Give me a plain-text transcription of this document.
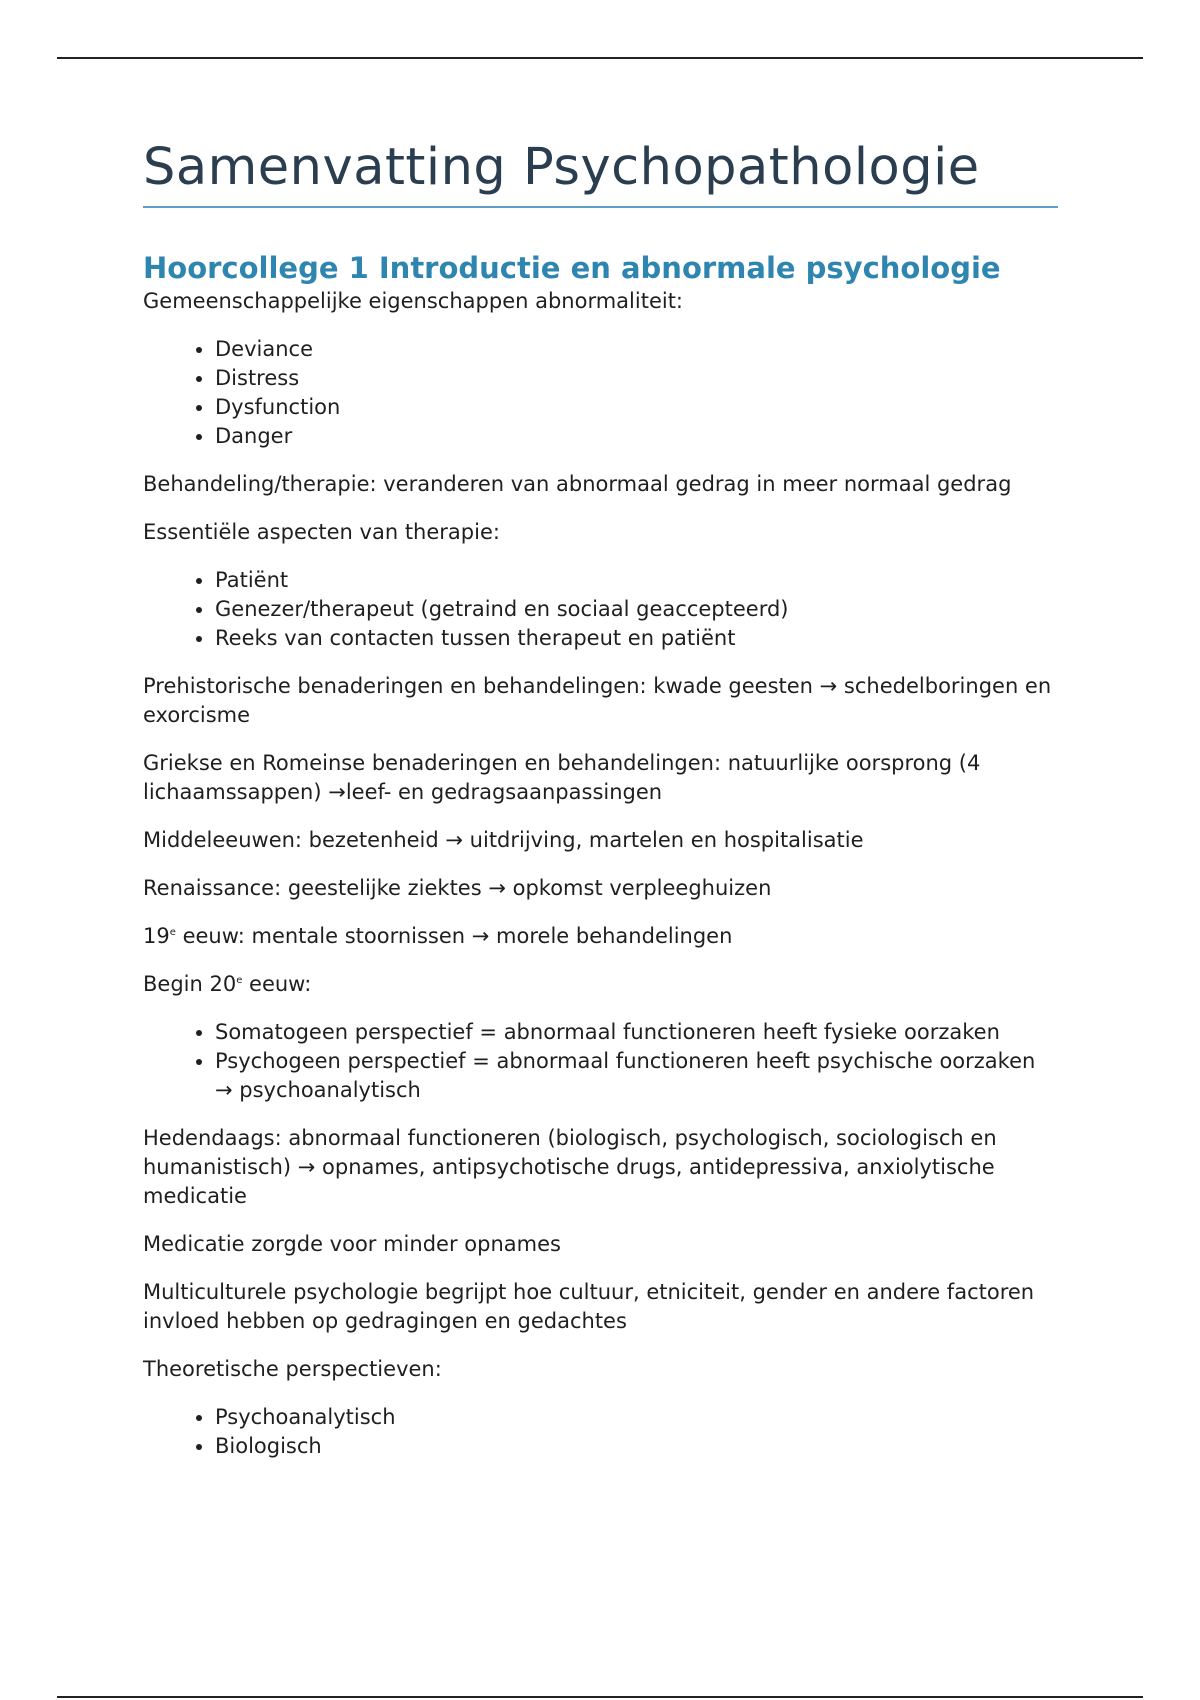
Samenvatting Psychopathologie
Hoorcollege 1 Introductie en abnormale psychologie

Gemeenschappelijke eigenschappen abnormaliteit:

• Deviance
• Distress
• Dysfunction
• Danger

Behandeling/therapie: veranderen van abnormaal gedrag in meer normaal gedrag

Essentiële aspecten van therapie:

• Patiënt
• Genezer/therapeut (getraind en sociaal geaccepteerd)
• Reeks van contacten tussen therapeut en patiënt

Prehistorische benaderingen en behandelingen: kwade geesten → schedelboringen en exorcisme

Griekse en Romeinse benaderingen en behandelingen: natuurlijke oorsprong (4 lichaamssappen) →leef- en gedragsaanpassingen

Middeleeuwen: bezetenheid → uitdrijving, martelen en hospitalisatie

Renaissance: geestelijke ziektes → opkomst verpleeghuizen

19e eeuw: mentale stoornissen → morele behandelingen

Begin 20e eeuw:

• Somatogeen perspectief = abnormaal functioneren heeft fysieke oorzaken
• Psychogeen perspectief = abnormaal functioneren heeft psychische oorzaken → psychoanalytisch

Hedendaags: abnormaal functioneren (biologisch, psychologisch, sociologisch en humanistisch) → opnames, antipsychotische drugs, antidepressiva, anxiolytische medicatie

Medicatie zorgde voor minder opnames

Multiculturele psychologie begrijpt hoe cultuur, etniciteit, gender en andere factoren invloed hebben op gedragingen en gedachtes

Theoretische perspectieven:

• Psychoanalytisch
• Biologisch
